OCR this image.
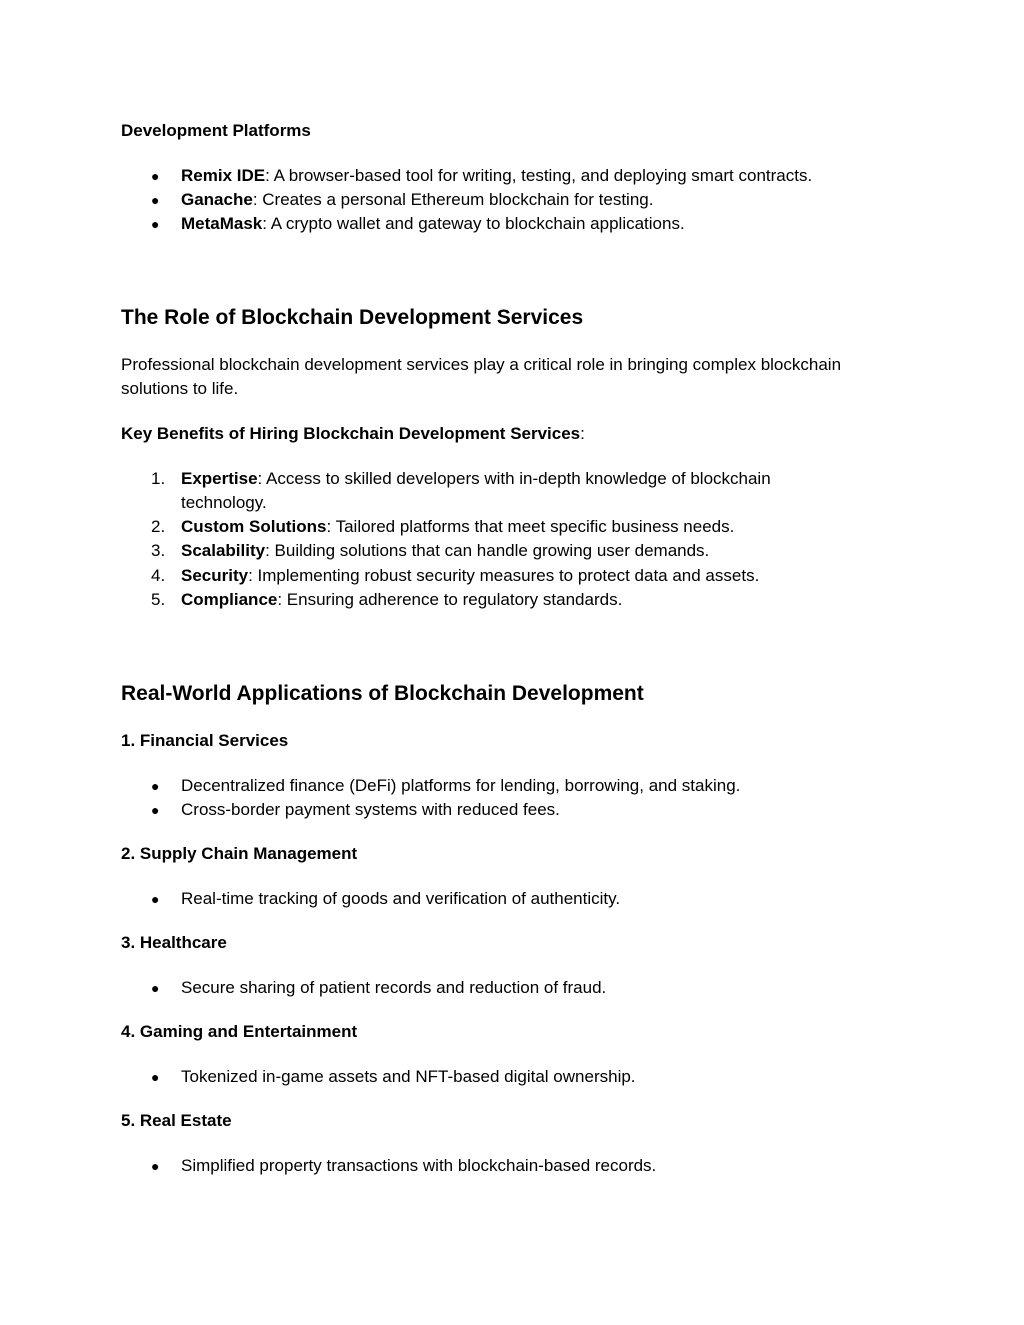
Development Platforms
● Remix IDE: A browser-based tool for writing, testing, and deploying smart contracts.
● Ganache: Creates a personal Ethereum blockchain for testing.
● MetaMask: A crypto wallet and gateway to blockchain applications.
The Role of Blockchain Development Services
Professional blockchain development services play a critical role in bringing complex blockchain solutions to life.
Key Benefits of Hiring Blockchain Development Services:
1. Expertise: Access to skilled developers with in-depth knowledge of blockchain technology.
2. Custom Solutions: Tailored platforms that meet specific business needs.
3. Scalability: Building solutions that can handle growing user demands.
4. Security: Implementing robust security measures to protect data and assets.
5. Compliance: Ensuring adherence to regulatory standards.
Real-World Applications of Blockchain Development
1. Financial Services
● Decentralized finance (DeFi) platforms for lending, borrowing, and staking.
● Cross-border payment systems with reduced fees.
2. Supply Chain Management
● Real-time tracking of goods and verification of authenticity.
3. Healthcare
● Secure sharing of patient records and reduction of fraud.
4. Gaming and Entertainment
● Tokenized in-game assets and NFT-based digital ownership.
5. Real Estate
● Simplified property transactions with blockchain-based records.
